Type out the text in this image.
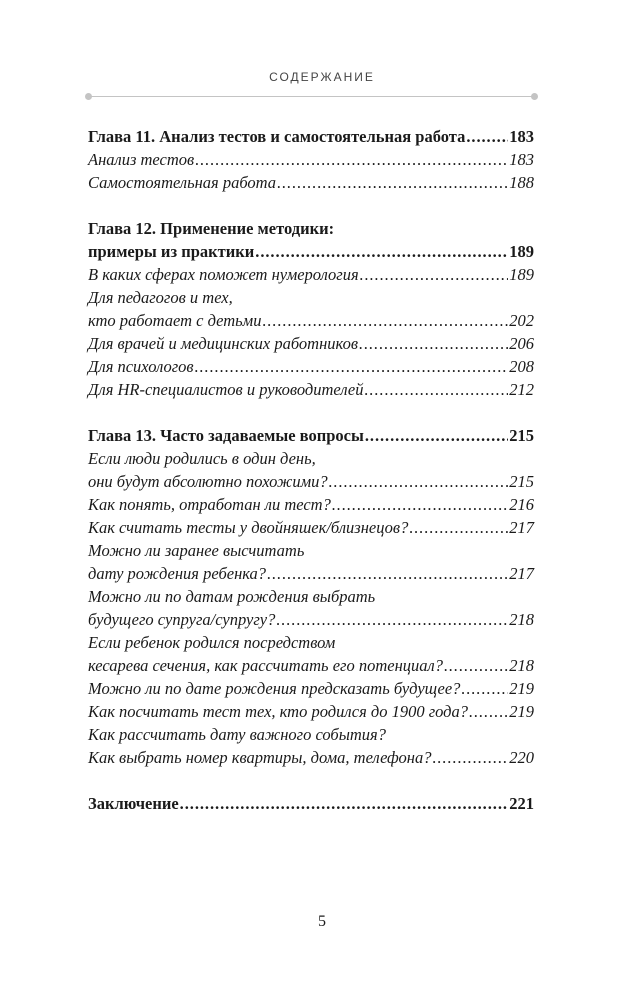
СОДЕРЖАНИЕ
Глава 11. Анализ тестов и самостоятельная работа . . .	183
Анализ тестов . . .	183
Самостоятельная работа . . .	188
Глава 12. Применение методики:
примеры из практики . . .	189
В каких сферах поможет нумерология . . .	189
Для педагогов и тех,
кто работает с детьми . . .	202
Для врачей и медицинских работников . . .	206
Для психологов . . .	208
Для HR-специалистов и руководителей . . .	212
Глава 13. Часто задаваемые вопросы . . .	215
Если люди родились в один день,
они будут абсолютно похожими? . . .	215
Как понять, отработан ли тест? . . .	216
Как считать тесты у двойняшек/близнецов? . . .	217
Можно ли заранее высчитать
дату рождения ребенка? . . .	217
Можно ли по датам рождения выбрать
будущего супруга/супругу? . . .	218
Если ребенок родился посредством
кесарева сечения, как рассчитать его потенциал? . . .	218
Можно ли по дате рождения предсказать будущее? . . .	219
Как посчитать тест тех, кто родился до 1900 года? . . . 219
Как рассчитать дату важного события?
Как выбрать номер квартиры, дома, телефона? . . .	220
Заключение . . .	221
5
